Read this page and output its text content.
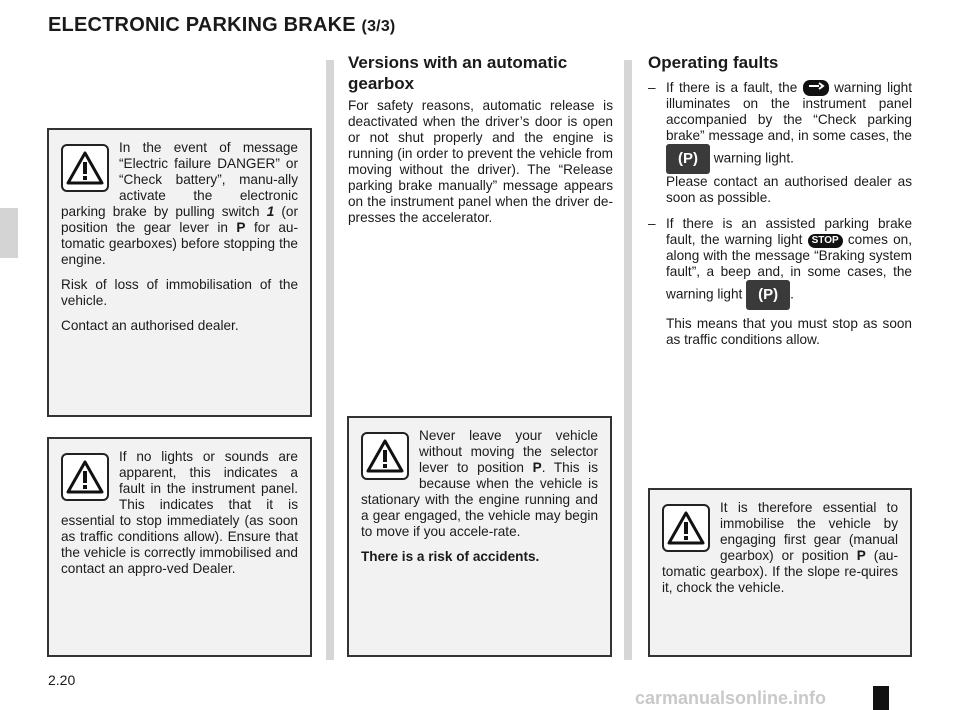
ELECTRONIC PARKING BRAKE (3/3)

In the event of message “Electric failure DANGER” or “Check battery”, manu-ally activate the electronic parking brake by pulling switch 1 (or position the gear lever in P for au-tomatic gearboxes) before stopping the engine.

Risk of loss of immobilisation of the vehicle.

Contact an authorised dealer.

If no lights or sounds are apparent, this indicates a fault in the instrument panel. This indicates that it is essential to stop immediately (as soon as traffic conditions allow). Ensure that the vehicle is correctly immobilised and contact an appro-ved Dealer.

Versions with an automatic gearbox
For safety reasons, automatic release is deactivated when the driver’s door is open or not shut properly and the engine is running (in order to prevent the vehicle from moving without the driver). The “Release parking brake manually” message appears on the instrument panel when the driver de-presses the accelerator.

Never leave your vehicle without moving the selector lever to position P. This is because when the vehicle is stationary with the engine running and a gear engaged, the vehicle may begin to move if you accele-rate.

There is a risk of accidents.

Operating faults
– If there is a fault, the	warning light illuminates on the instrument panel accompanied by the “Check parking brake” message and, in some cases, the (P) warning light.
Please contact an authorised dealer as soon as possible.

– If there is an assisted parking brake fault, the warning light STOP comes on, along with the message “Braking system fault”, a beep and, in some cases, the warning light (P) .

This means that you must stop as soon as traffic conditions allow.

It is therefore essential to immobilise the vehicle by engaging first gear (manual gearbox) or position P (au-tomatic gearbox). If the slope re-quires it, chock the vehicle.

2.20
carmanualsonline.info
